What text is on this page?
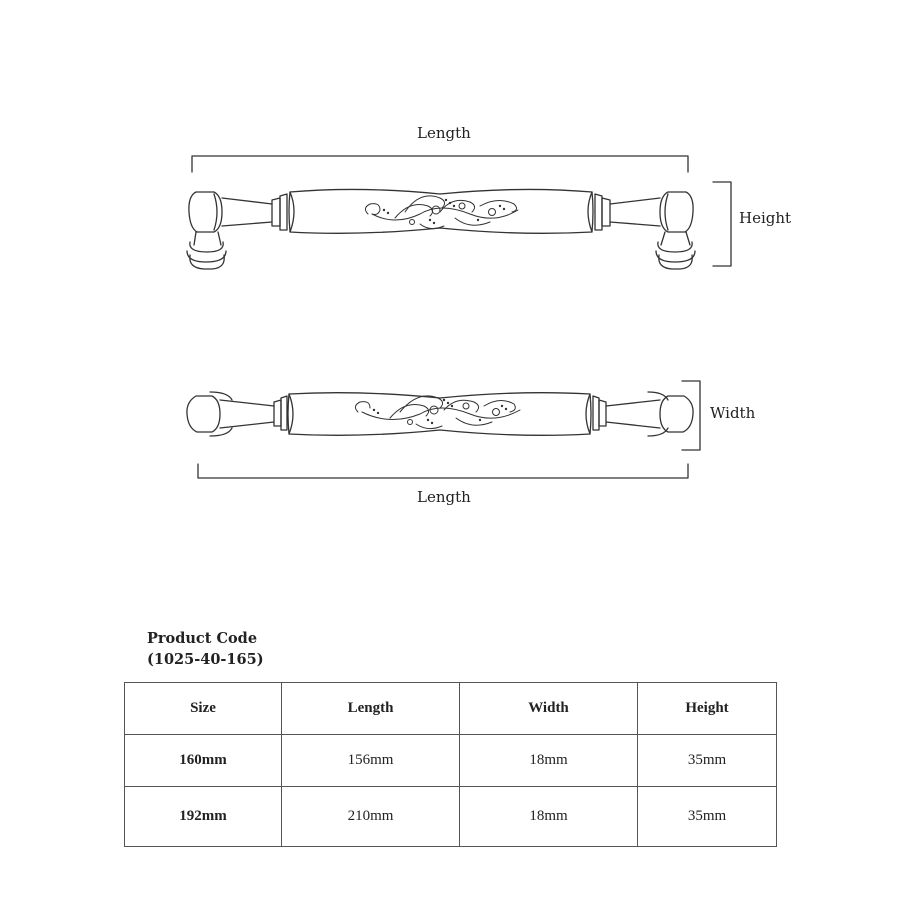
Length
Height
Width
Length
Product Code
(1025-40-165)
Size	Length	Width	Height
160mm	156mm	18mm	35mm
192mm	210mm	18mm	35mm
